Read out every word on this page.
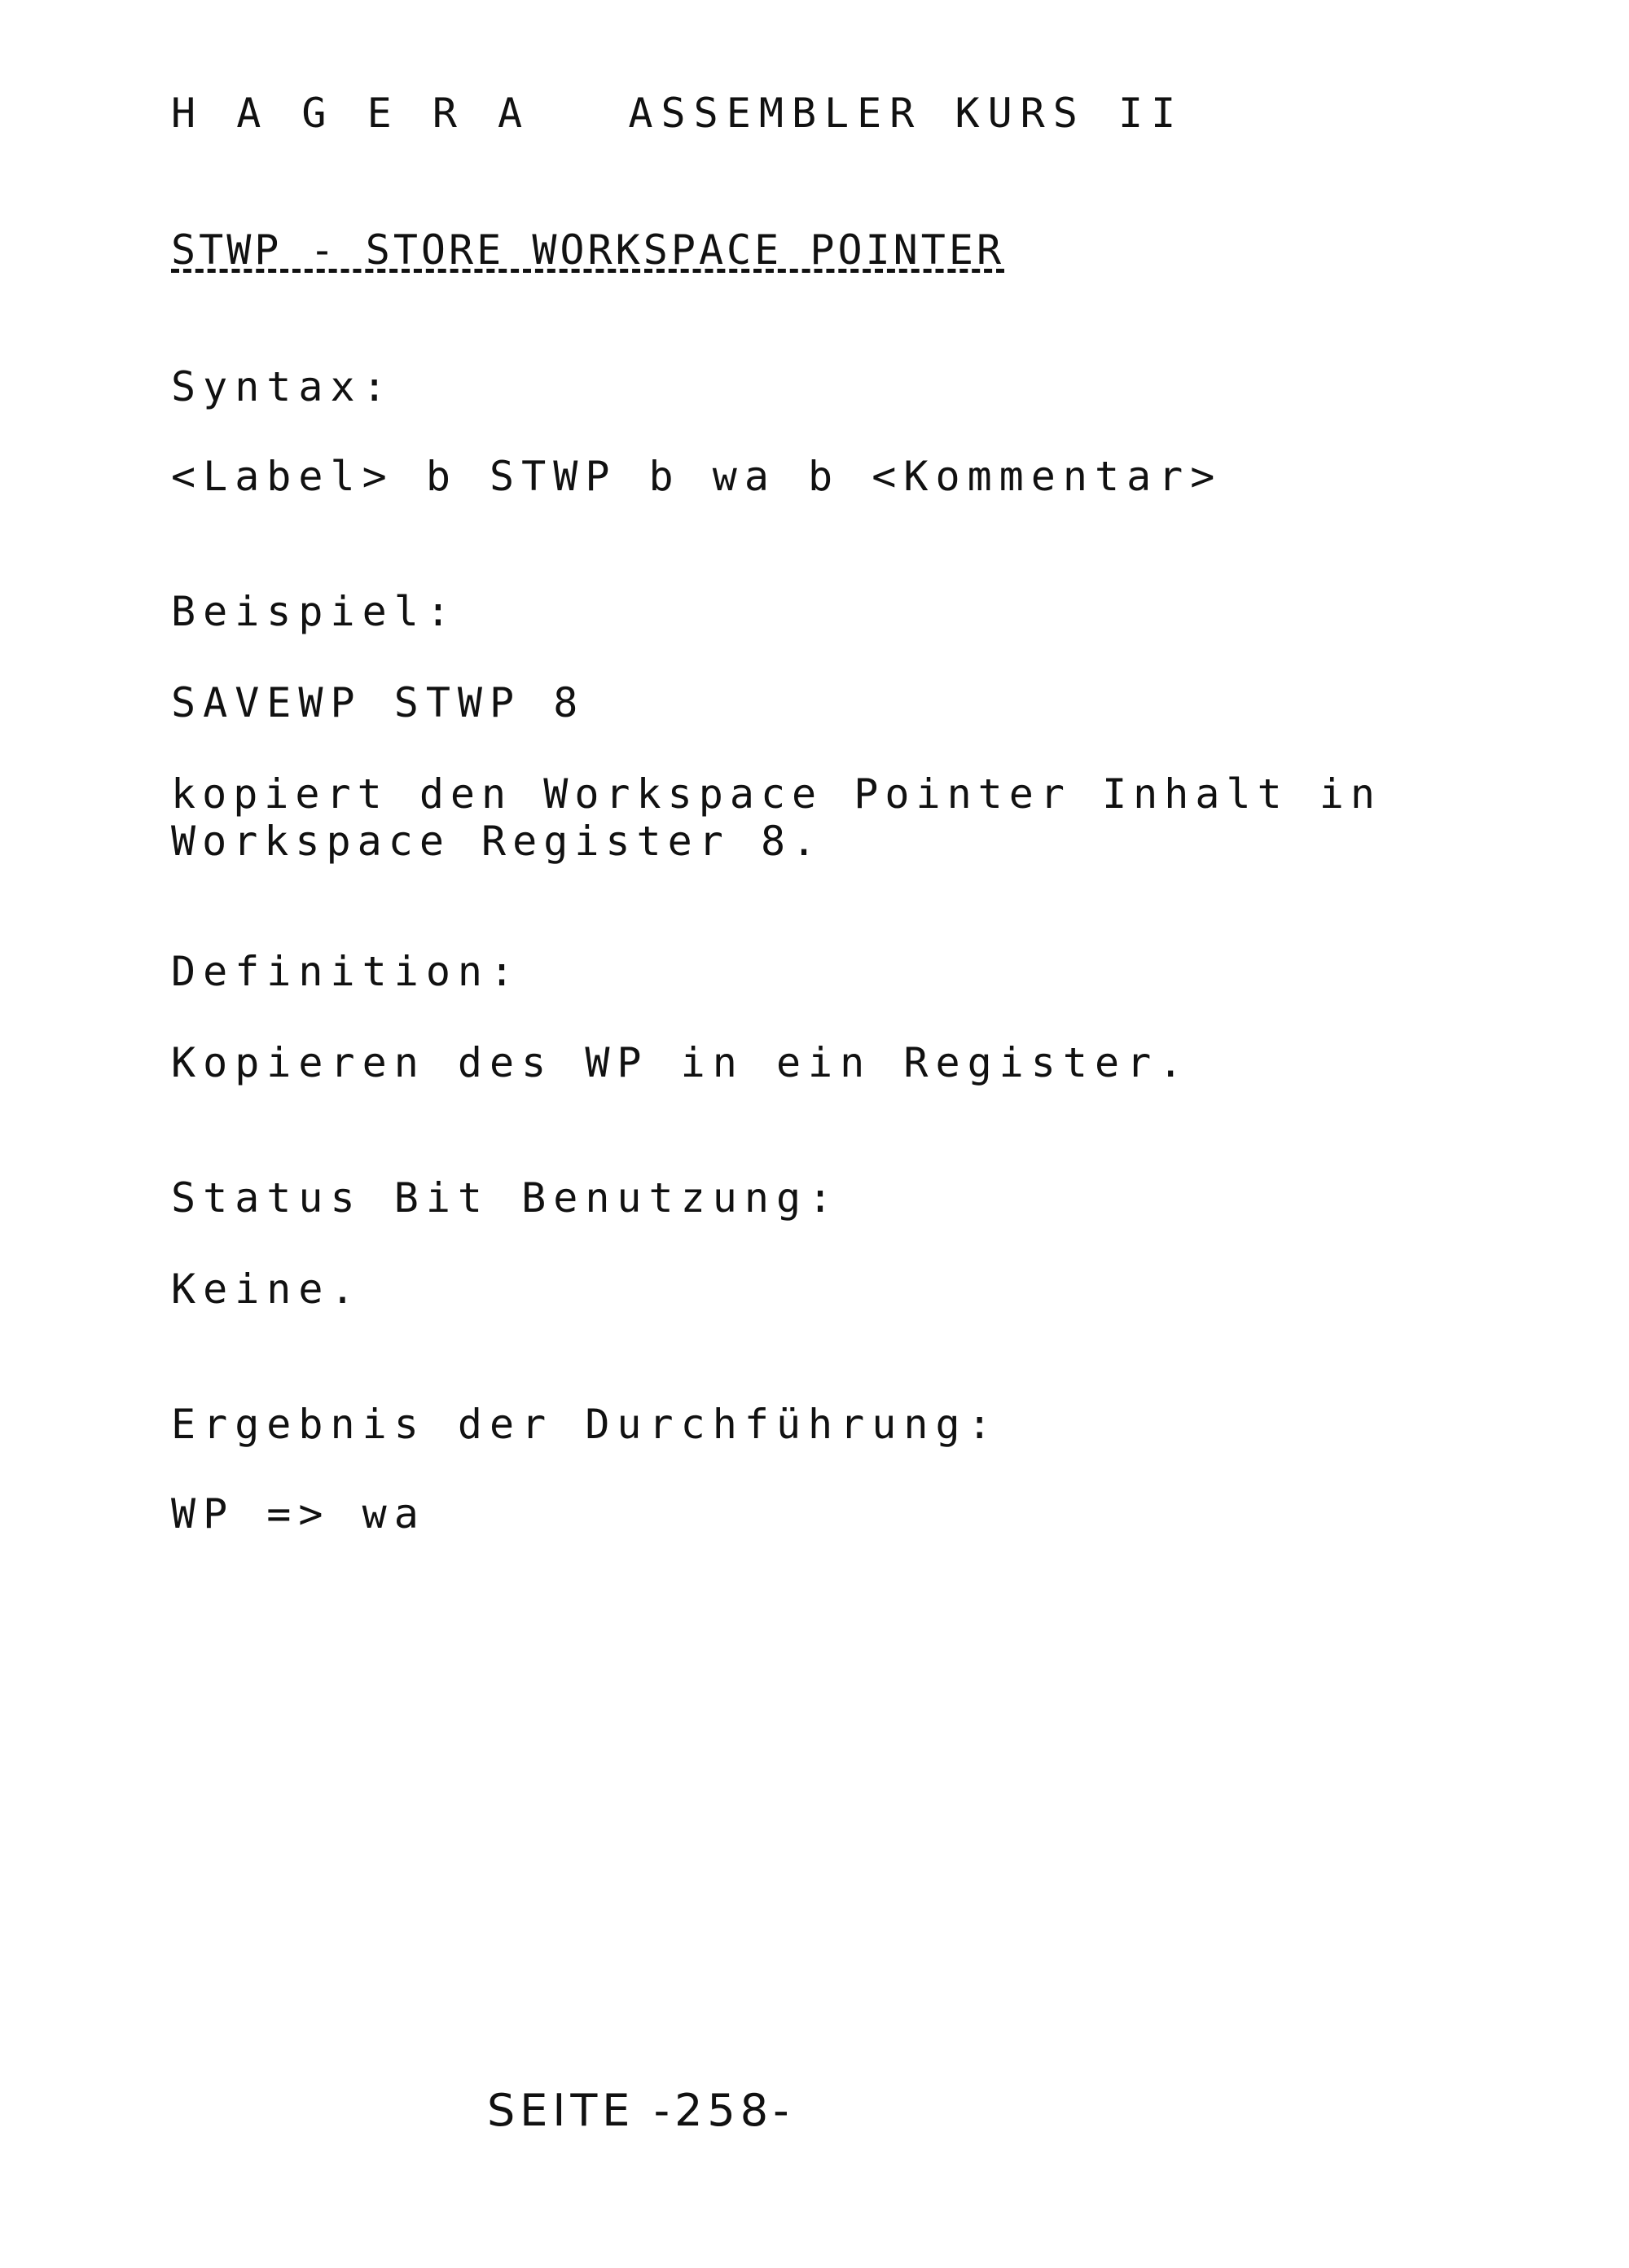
H A G E R A   ASSEMBLER KURS II

STWP - STORE WORKSPACE POINTER

Syntax:

<Label> b STWP b wa b <Kommentar>

Beispiel:

SAVEWP STWP 8

kopiert den Workspace Pointer Inhalt in
Workspace Register 8.

Definition:

Kopieren des WP in ein Register.

Status Bit Benutzung:

Keine.

Ergebnis der Durchführung:

WP => wa

SEITE -258-
